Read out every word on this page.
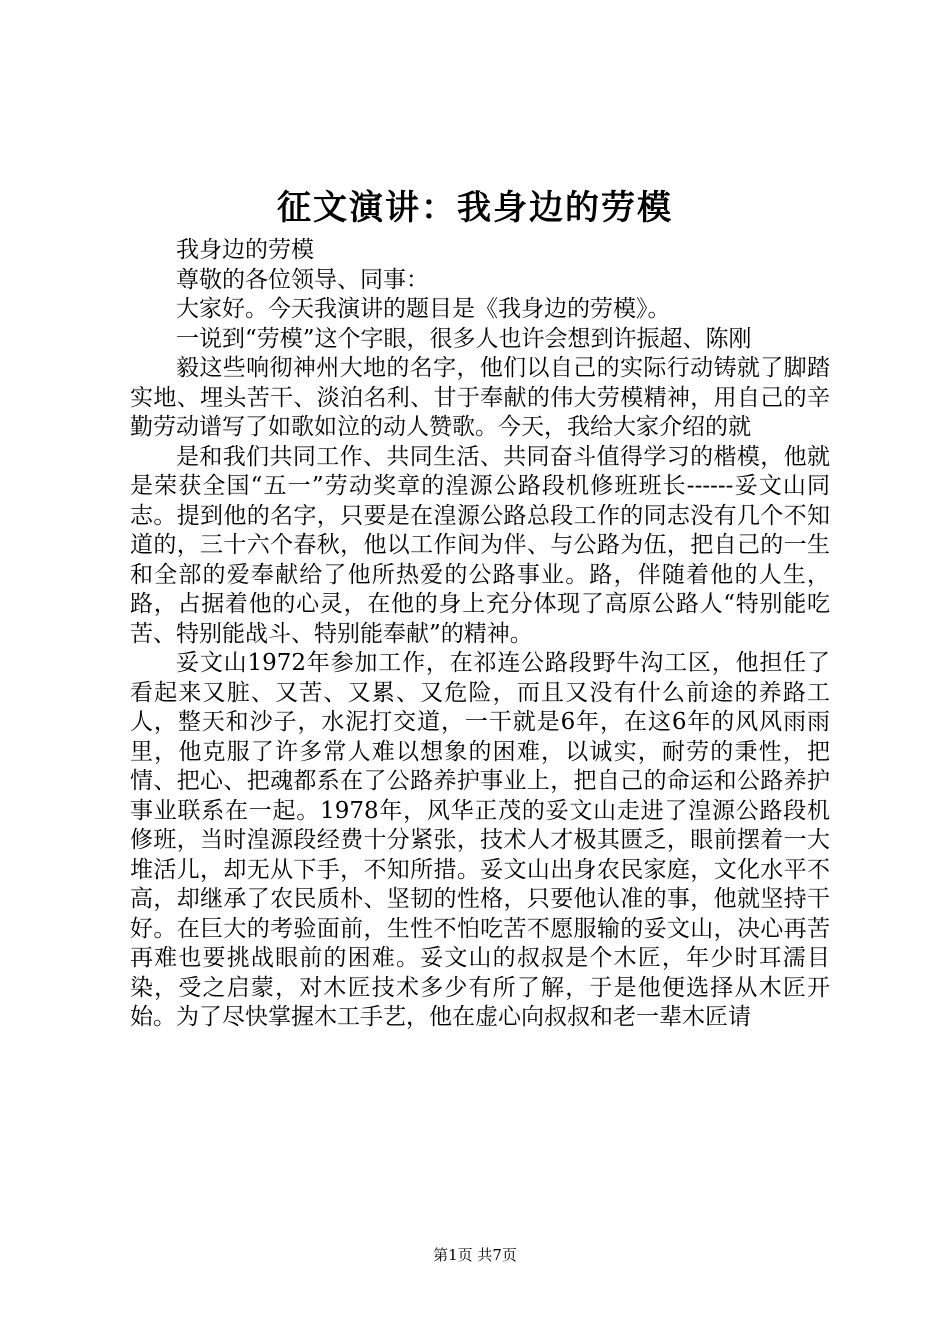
征文演讲：我身边的劳模

我身边的劳模

尊敬的各位领导、同事：

大家好。今天我演讲的题目是《我身边的劳模》。

一说到“劳模”这个字眼，很多人也许会想到许振超、陈刚

毅这些响彻神州大地的名字，他们以自己的实际行动铸就了脚踏实地、埋头苦干、淡泊名利、甘于奉献的伟大劳模精神，用自己的辛勤劳动谱写了如歌如泣的动人赞歌。今天，我给大家介绍的就

是和我们共同工作、共同生活、共同奋斗值得学习的楷模，他就是荣获全国“五一”劳动奖章的湟源公路段机修班班长------妥文山同志。提到他的名字，只要是在湟源公路总段工作的同志没有几个不知道的，三十六个春秋，他以工作间为伴、与公路为伍，把自己的一生和全部的爱奉献给了他所热爱的公路事业。路，伴随着他的人生，路，占据着他的心灵，在他的身上充分体现了高原公路人“特别能吃苦、特别能战斗、特别能奉献”的精神。

妥文山1972年参加工作，在祁连公路段野牛沟工区，他担任了看起来又脏、又苦、又累、又危险，而且又没有什么前途的养路工人，整天和沙子，水泥打交道，一干就是6年，在这6年的风风雨雨里，他克服了许多常人难以想象的困难，以诚实，耐劳的秉性，把情、把心、把魂都系在了公路养护事业上，把自己的命运和公路养护事业联系在一起。1978年，风华正茂的妥文山走进了湟源公路段机修班，当时湟源段经费十分紧张，技术人才极其匮乏，眼前摆着一大堆活儿，却无从下手，不知所措。妥文山出身农民家庭，文化水平不高，却继承了农民质朴、坚韧的性格，只要他认准的事，他就坚持干好。在巨大的考验面前，生性不怕吃苦不愿服输的妥文山，决心再苦再难也要挑战眼前的困难。妥文山的叔叔是个木匠，年少时耳濡目染，受之启蒙，对木匠技术多少有所了解，于是他便选择从木匠开始。为了尽快掌握木工手艺，他在虚心向叔叔和老一辈木匠请

第1页 共7页
